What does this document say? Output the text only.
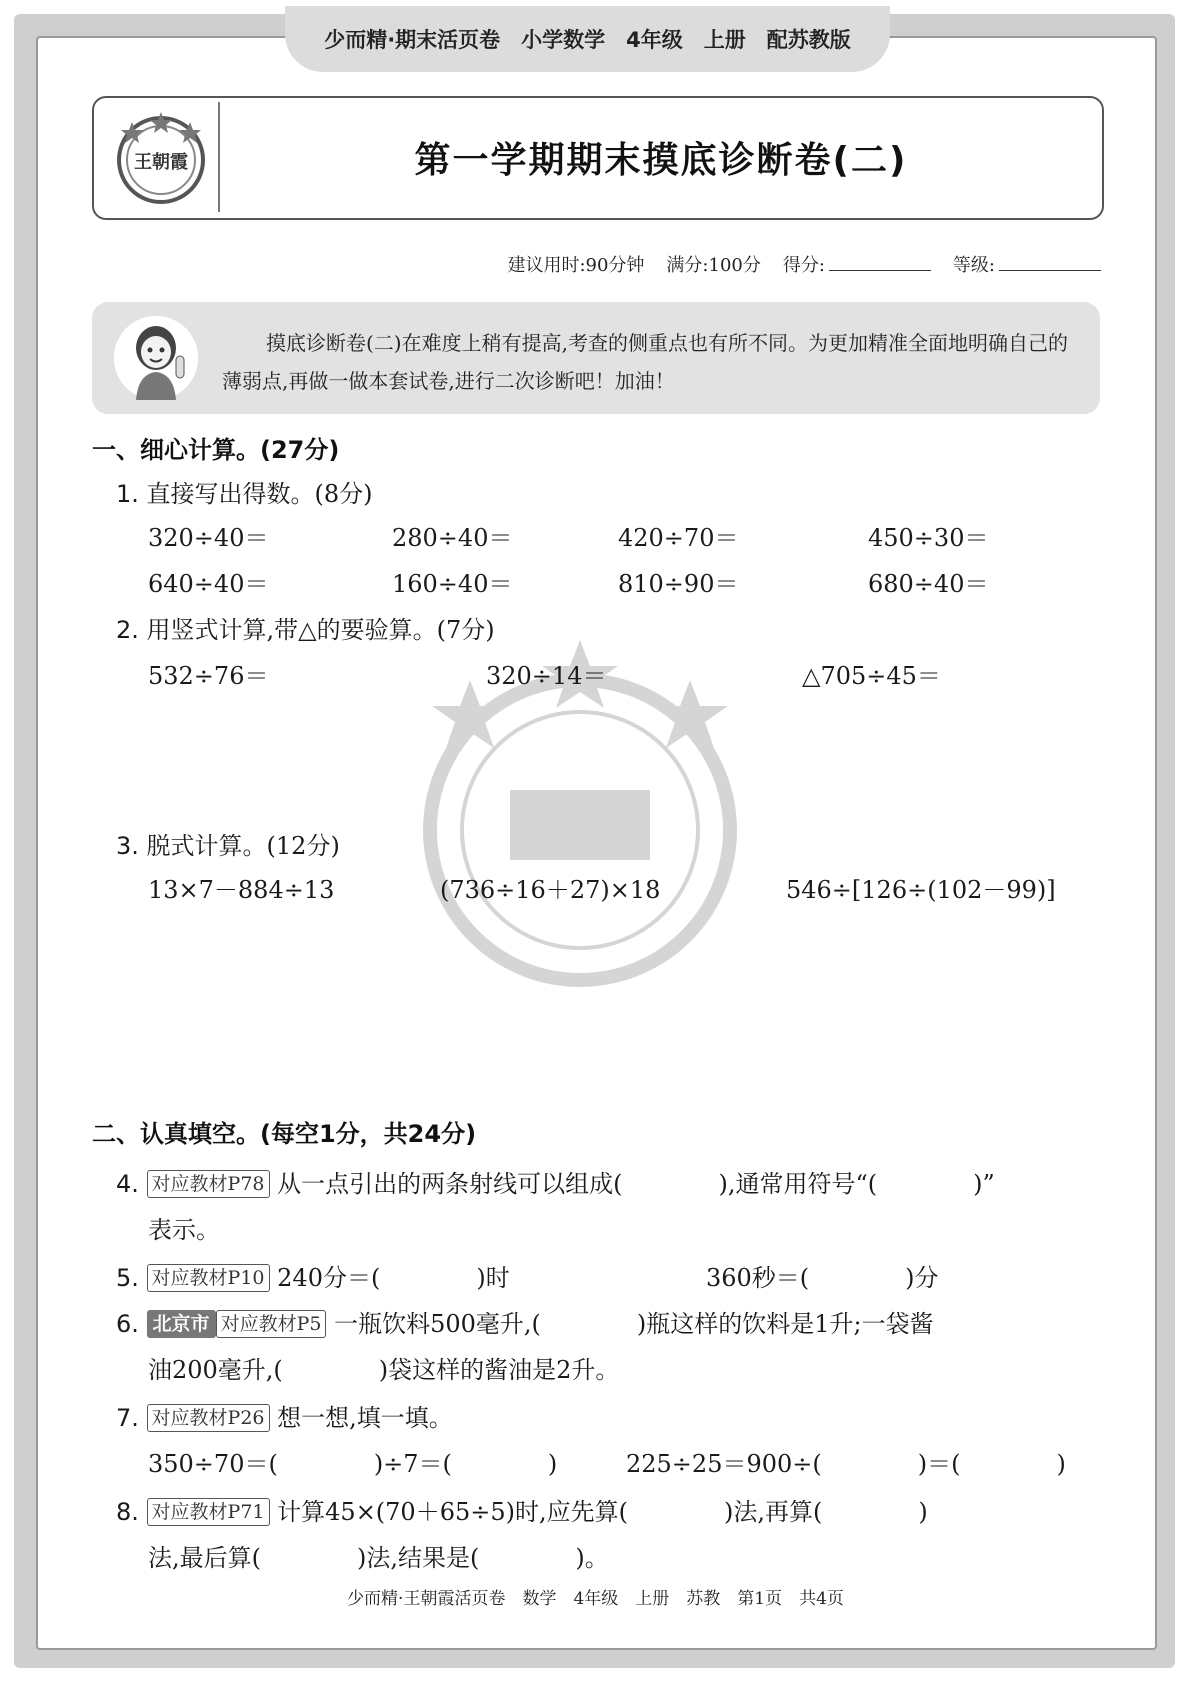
少而精·期末活页卷　小学数学　4年级　上册　配苏教版
王朝霞	第一学期期末摸底诊断卷(二)
建议用时:90分钟 满分:100分 得分:	等级:
摸底诊断卷(二)在难度上稍有提高,考查的侧重点也有所不同。为更加精准全面地明确自己的薄弱点,再做一做本套试卷,进行二次诊断吧！加油！
一、细心计算。(27分)
1. 直接写出得数。(8分)
320÷40＝	280÷40＝	420÷70＝	450÷30＝
640÷40＝	160÷40＝	810÷90＝	680÷40＝
2. 用竖式计算,带△的要验算。(7分)
532÷76＝	320÷14＝	△705÷45＝
3. 脱式计算。(12分)
13×7－884÷13	(736÷16＋27)×18	546÷[126÷(102－99)]
二、认真填空。(每空1分，共24分)
4. 对应教材P78 从一点引出的两条射线可以组成(　　　　),通常用符号“(　　　　)”
表示。
5. 对应教材P10 240分＝(　　　　)时	360秒＝(　　　　)分
6. 北京市 对应教材P5 一瓶饮料500毫升,(　　　　)瓶这样的饮料是1升;一袋酱
油200毫升,(　　　　)袋这样的酱油是2升。
7. 对应教材P26 想一想,填一填。
350÷70＝(　　　　)÷7＝(　　　　)	225÷25＝900÷(　　　　)＝(　　　　)
8. 对应教材P71 计算45×(70＋65÷5)时,应先算(　　　　)法,再算(　　　　)
法,最后算(　　　　)法,结果是(　　　　)。
少而精·王朝霞活页卷　数学　4年级　上册　苏教　第1页　共4页
